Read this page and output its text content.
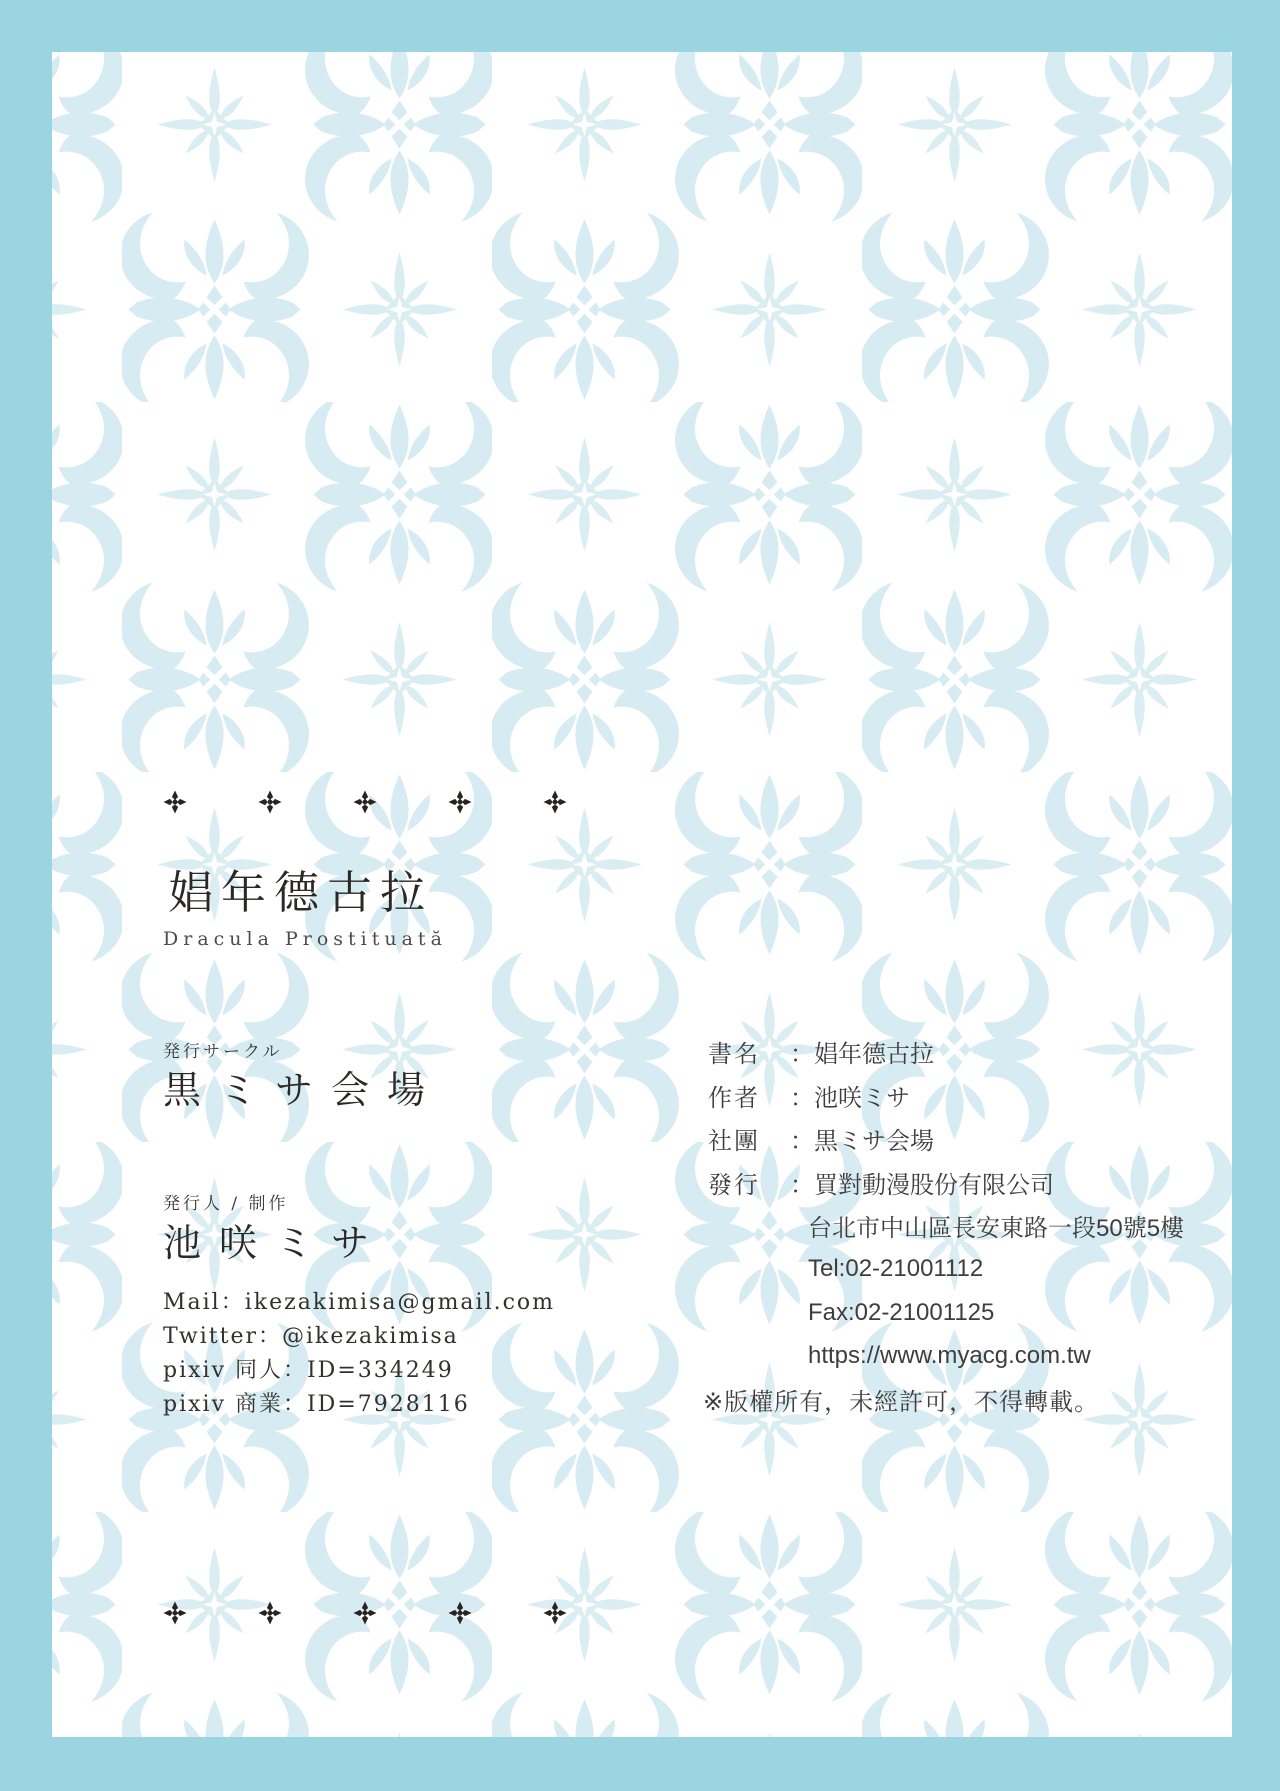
娼年德古拉
Dracula Prostituată
発行サークル
黒ミサ会場
発行人 / 制作
池咲ミサ
Mail：ikezakimisa@gmail.com
Twitter：@ikezakimisa
pixiv 同人：ID=334249
pixiv 商業：ID=7928116
書名	： 娼年德古拉
作者	： 池咲ミサ
社團	： 黒ミサ会場
發行	： 買對動漫股份有限公司
台北市中山區長安東路一段50號5樓
Tel:02-21001112
Fax:02-21001125
https://www.myacg.com.tw
※版權所有，未經許可，不得轉載。
